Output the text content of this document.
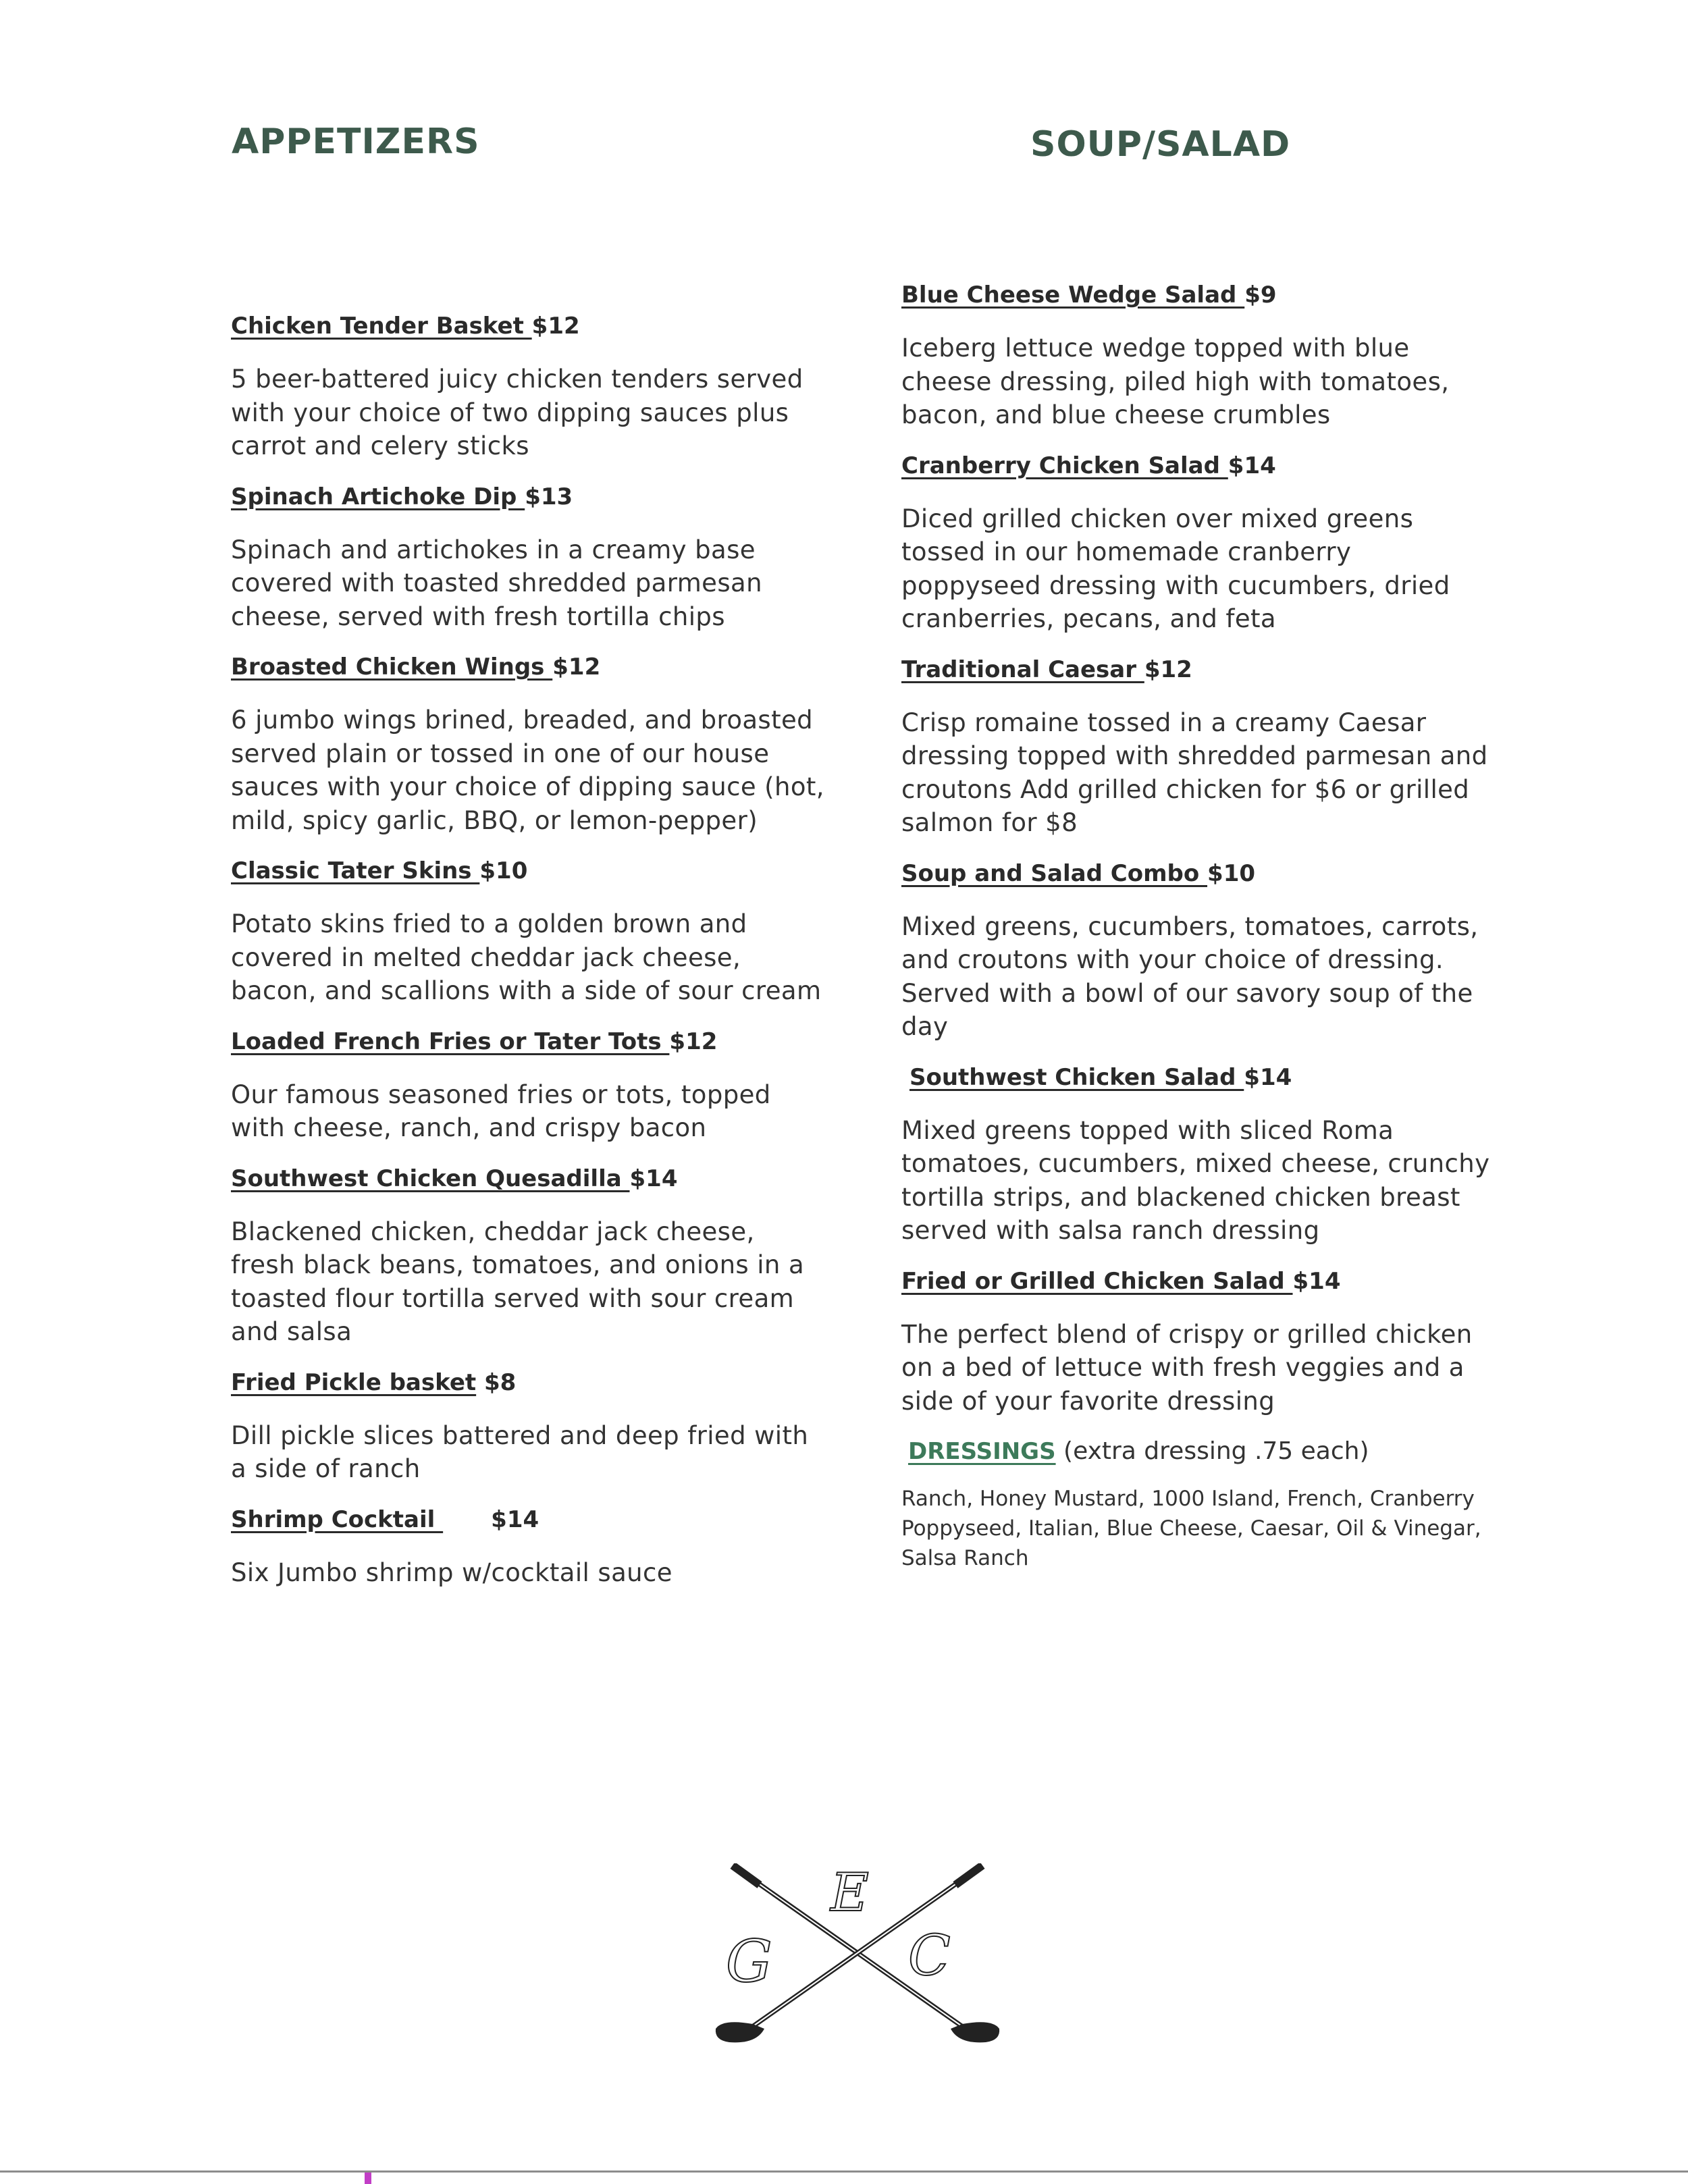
APPETIZERS	SOUP/SALAD

Chicken Tender Basket $12

5 beer-battered juicy chicken tenders served with your choice of two dipping sauces plus carrot and celery sticks

Spinach Artichoke Dip $13

Spinach and artichokes in a creamy base covered with toasted shredded parmesan cheese, served with fresh tortilla chips

Broasted Chicken Wings $12

6 jumbo wings brined, breaded, and broasted served plain or tossed in one of our house sauces with your choice of dipping sauce (hot, mild, spicy garlic, BBQ, or lemon-pepper)

Classic Tater Skins $10

Potato skins fried to a golden brown and covered in melted cheddar jack cheese, bacon, and scallions with a side of sour cream

Loaded French Fries or Tater Tots $12

Our famous seasoned fries or tots, topped with cheese, ranch, and crispy bacon

Southwest Chicken Quesadilla $14

Blackened chicken, cheddar jack cheese, fresh black beans, tomatoes, and onions in a toasted flour tortilla served with sour cream and salsa

Fried Pickle basket $8

Dill pickle slices battered and deep fried with a side of ranch

Shrimp Cocktail       $14

Six Jumbo shrimp w/cocktail sauce

Blue Cheese Wedge Salad $9

Iceberg lettuce wedge topped with blue cheese dressing, piled high with tomatoes, bacon, and blue cheese crumbles

Cranberry Chicken Salad $14

Diced grilled chicken over mixed greens tossed in our homemade cranberry poppyseed dressing with cucumbers, dried cranberries, pecans, and feta

Traditional Caesar $12

Crisp romaine tossed in a creamy Caesar dressing topped with shredded parmesan and croutons Add grilled chicken for $6 or grilled salmon for $8

Soup and Salad Combo $10

Mixed greens, cucumbers, tomatoes, carrots, and croutons with your choice of dressing. Served with a bowl of our savory soup of the day

Southwest Chicken Salad $14

Mixed greens topped with sliced Roma tomatoes, cucumbers, mixed cheese, crunchy tortilla strips, and blackened chicken breast served with salsa ranch dressing

Fried or Grilled Chicken Salad $14

The perfect blend of crispy or grilled chicken on a bed of lettuce with fresh veggies and a side of your favorite dressing

DRESSINGS (extra dressing .75 each)

Ranch, Honey Mustard, 1000 Island, French, Cranberry Poppyseed, Italian, Blue Cheese, Caesar, Oil & Vinegar, Salsa Ranch

E
G C
